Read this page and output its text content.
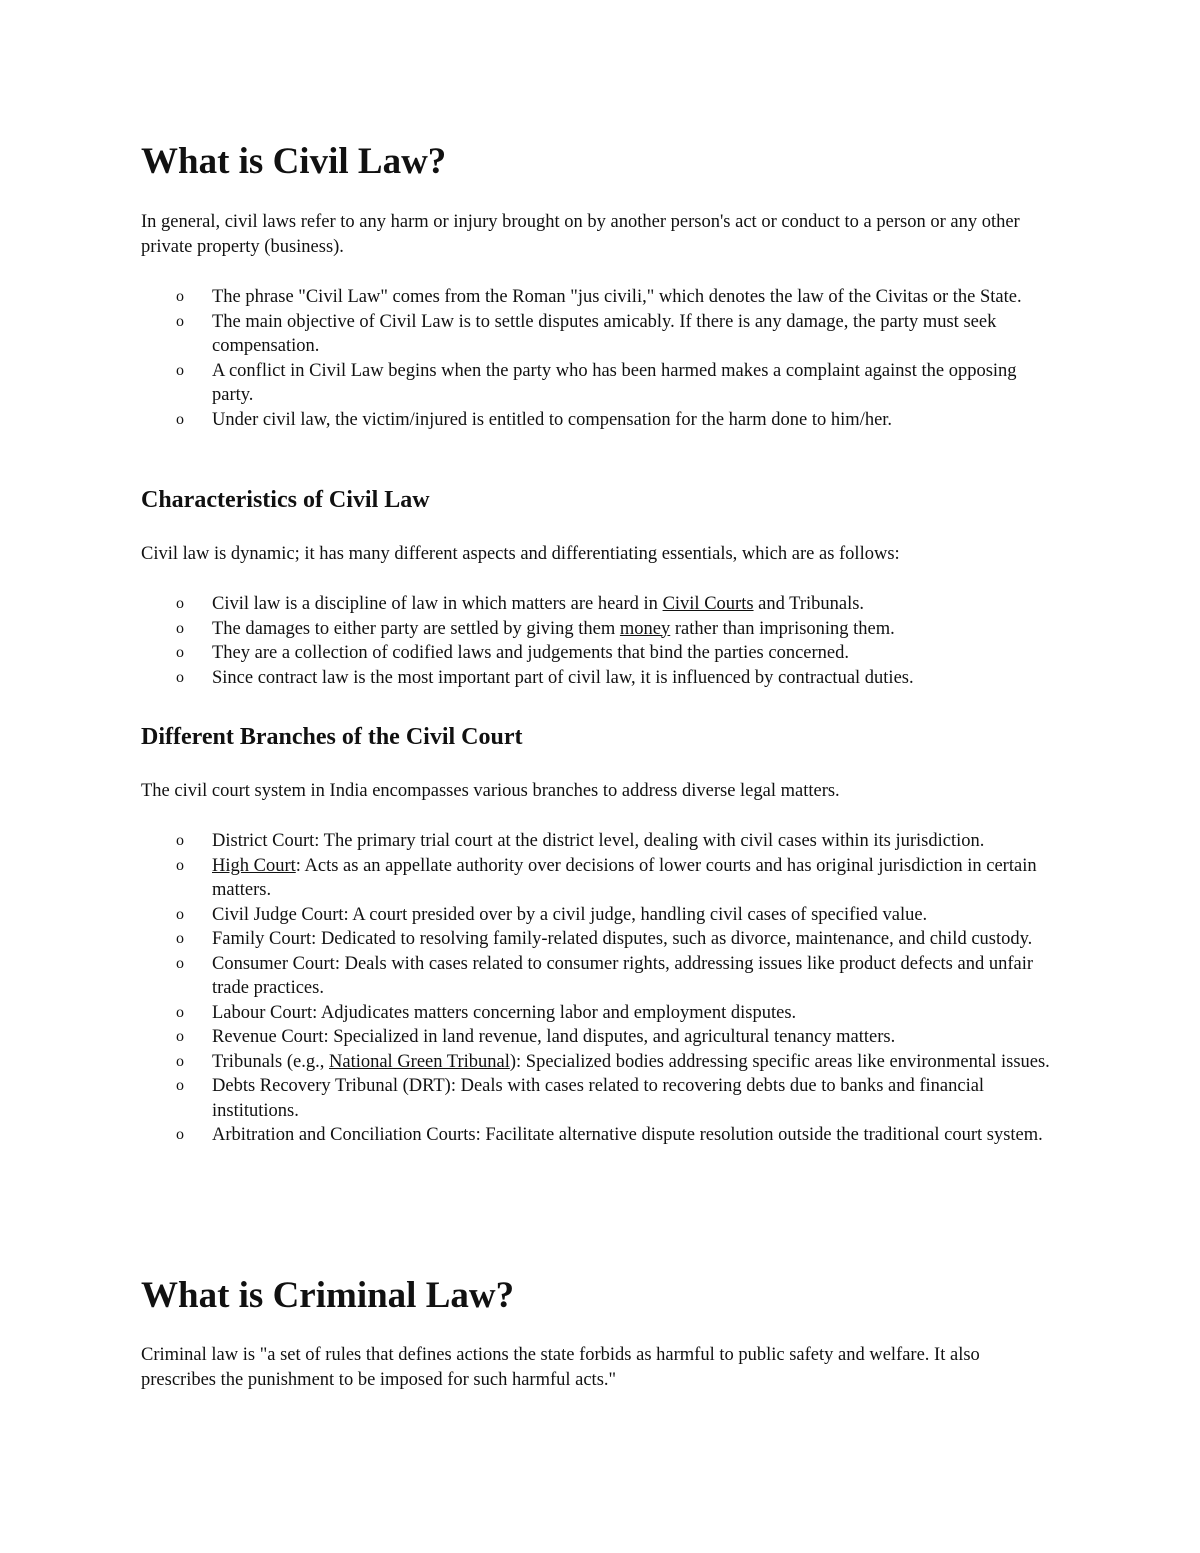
What is Civil Law?

In general, civil laws refer to any harm or injury brought on by another person's act or conduct to a person or any other private property (business).

o The phrase "Civil Law" comes from the Roman "jus civili," which denotes the law of the Civitas or the State.
o The main objective of Civil Law is to settle disputes amicably. If there is any damage, the party must seek compensation.
o A conflict in Civil Law begins when the party who has been harmed makes a complaint against the opposing party.
o Under civil law, the victim/injured is entitled to compensation for the harm done to him/her.
Characteristics of Civil Law

Civil law is dynamic; it has many different aspects and differentiating essentials, which are as follows:

o Civil law is a discipline of law in which matters are heard in Civil Courts and Tribunals.
o The damages to either party are settled by giving them money rather than imprisoning them.
o They are a collection of codified laws and judgements that bind the parties concerned.
o Since contract law is the most important part of civil law, it is influenced by contractual duties.
Different Branches of the Civil Court

The civil court system in India encompasses various branches to address diverse legal matters.

o District Court: The primary trial court at the district level, dealing with civil cases within its jurisdiction.
o High Court: Acts as an appellate authority over decisions of lower courts and has original jurisdiction in certain matters.
o Civil Judge Court: A court presided over by a civil judge, handling civil cases of specified value.
o Family Court: Dedicated to resolving family-related disputes, such as divorce, maintenance, and child custody.
o Consumer Court: Deals with cases related to consumer rights, addressing issues like product defects and unfair trade practices.
o Labour Court: Adjudicates matters concerning labor and employment disputes.
o Revenue Court: Specialized in land revenue, land disputes, and agricultural tenancy matters.
o Tribunals (e.g., National Green Tribunal): Specialized bodies addressing specific areas like environmental issues.
o Debts Recovery Tribunal (DRT): Deals with cases related to recovering debts due to banks and financial institutions.
o Arbitration and Conciliation Courts: Facilitate alternative dispute resolution outside the traditional court system.
What is Criminal Law?

Criminal law is "a set of rules that defines actions the state forbids as harmful to public safety and welfare. It also prescribes the punishment to be imposed for such harmful acts."
